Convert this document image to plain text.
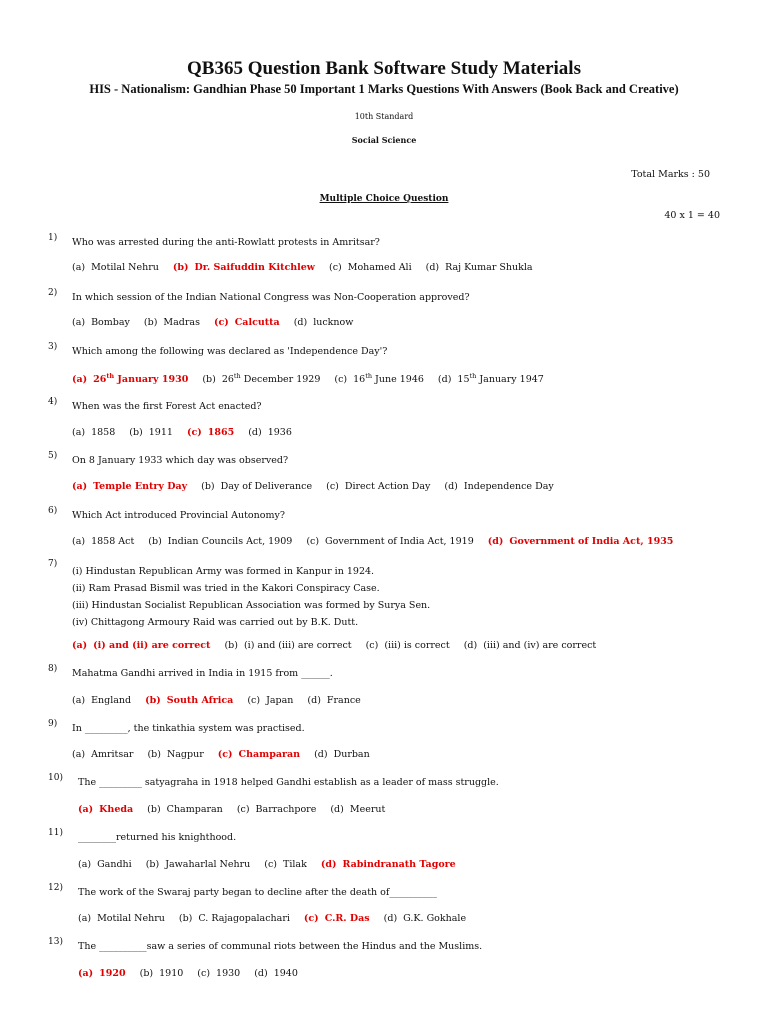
QB365 Question Bank Software Study Materials
HIS - Nationalism: Gandhian Phase 50 Important 1 Marks Questions With Answers (Book Back and Creative)
10th Standard
Social Science
Total Marks : 50
Multiple Choice Question
40 x 1 = 40
1) Who was arrested during the anti-Rowlatt protests in Amritsar?
(a) Motilal Nehru (b) Dr. Saifuddin Kitchlew (c) Mohamed Ali (d) Raj Kumar Shukla
2) In which session of the Indian National Congress was Non-Cooperation approved?
(a) Bombay (b) Madras (c) Calcutta (d) lucknow
3) Which among the following was declared as 'Independence Day'?
(a) 26th January 1930 (b) 26th December 1929 (c) 16th June 1946 (d) 15th January 1947
4) When was the first Forest Act enacted?
(a) 1858 (b) 1911 (c) 1865 (d) 1936
5) On 8 January 1933 which day was observed?
(a) Temple Entry Day (b) Day of Deliverance (c) Direct Action Day (d) Independence Day
6) Which Act introduced Provincial Autonomy?
(a) 1858 Act (b) Indian Councils Act, 1909 (c) Government of India Act, 1919 (d) Government of India Act, 1935
7)
(i) Hindustan Republican Army was formed in Kanpur in 1924.
(ii) Ram Prasad Bismil was tried in the Kakori Conspiracy Case.
(iii) Hindustan Socialist Republican Association was formed by Surya Sen.
(iv) Chittagong Armoury Raid was carried out by B.K. Dutt.
(a) (i) and (ii) are correct (b) (i) and (iii) are correct (c) (iii) is correct (d) (iii) and (iv) are correct
8) Mahatma Gandhi arrived in India in 1915 from ______.
(a) England (b) South Africa (c) Japan (d) France
9) In _________, the tinkathia system was practised.
(a) Amritsar (b) Nagpur (c) Champaran (d) Durban
10) The _________ satyagraha in 1918 helped Gandhi establish as a leader of mass struggle.
(a) Kheda (b) Champaran (c) Barrachpore (d) Meerut
11) ________returned his knighthood.
(a) Gandhi (b) Jawaharlal Nehru (c) Tilak (d) Rabindranath Tagore
12) The work of the Swaraj party began to decline after the death of__________
(a) Motilal Nehru (b) C. Rajagopalachari (c) C.R. Das (d) G.K. Gokhale
13) The __________saw a series of communal riots between the Hindus and the Muslims.
(a) 1920 (b) 1910 (c) 1930 (d) 1940
